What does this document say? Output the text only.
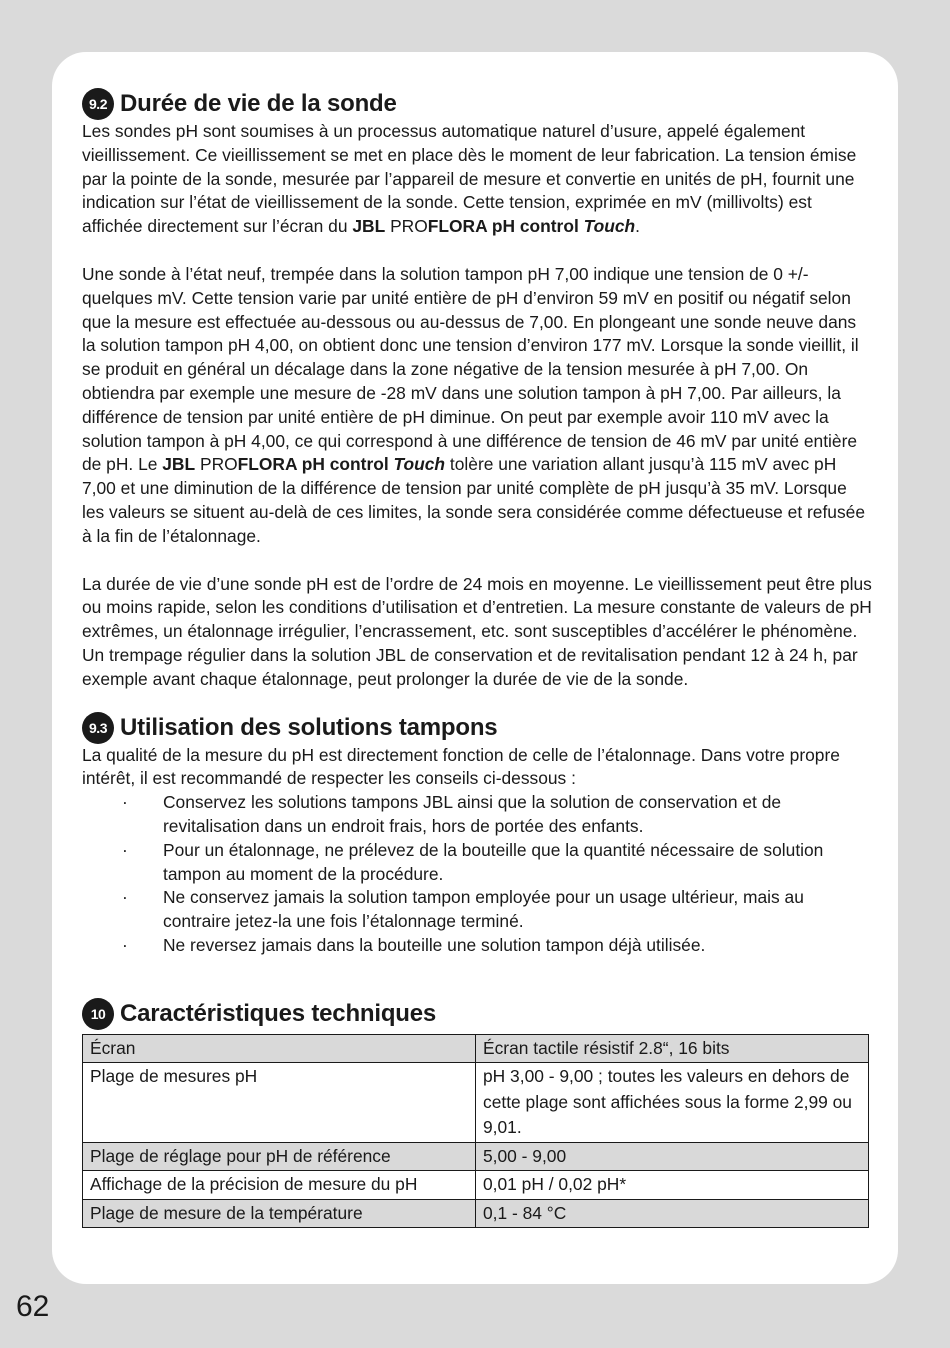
9.2 Durée de vie de la sonde

Les sondes pH sont soumises à un processus automatique naturel d’usure, appelé également vieillissement. Ce vieillissement se met en place dès le moment de leur fabrication. La tension émise par la pointe de la sonde, mesurée par l’appareil de mesure et convertie en unités de pH, fournit une indication sur l’état de vieillissement de la sonde. Cette tension, exprimée en mV (millivolts) est affichée directement sur l’écran du JBL PROFLORA pH control Touch.

Une sonde à l’état neuf, trempée dans la solution tampon pH 7,00 indique une tension de 0 +/- quelques mV. Cette tension varie par unité entière de pH d’environ 59 mV en positif ou négatif selon que la mesure est effectuée au-dessous ou au-dessus de 7,00. En plongeant une sonde neuve dans la solution tampon pH 4,00, on obtient donc une tension d’environ 177 mV. Lorsque la sonde vieillit, il se produit en général un décalage dans la zone négative de la tension mesurée à pH 7,00. On obtiendra par exemple une mesure de -28 mV dans une solution tampon à pH 7,00. Par ailleurs, la différence de tension par unité entière de pH diminue. On peut par exemple avoir 110 mV avec la solution tampon à pH 4,00, ce qui correspond à une différence de tension de 46 mV par unité entière de pH. Le JBL PROFLORA pH control Touch tolère une variation allant jusqu’à 115 mV avec pH 7,00 et une diminution de la différence de tension par unité complète de pH jusqu’à 35 mV. Lorsque les valeurs se situent au-delà de ces limites, la sonde sera considérée comme défectueuse et refusée à la fin de l’étalonnage.

La durée de vie d’une sonde pH est de l’ordre de 24 mois en moyenne. Le vieillissement peut être plus ou moins rapide, selon les conditions d’utilisation et d’entretien. La mesure constante de valeurs de pH extrêmes, un étalonnage irrégulier, l’encrassement, etc. sont susceptibles d’accélérer le phénomène. Un trempage régulier dans la solution JBL de conservation et de revitalisation pendant 12 à 24 h, par exemple avant chaque étalonnage, peut prolonger la durée de vie de la sonde.

9.3 Utilisation des solutions tampons

La qualité de la mesure du pH est directement fonction de celle de l’étalonnage. Dans votre propre intérêt, il est recommandé de respecter les conseils ci-dessous :

· Conservez les solutions tampons JBL ainsi que la solution de conservation et de revitalisation dans un endroit frais, hors de portée des enfants.
· Pour un étalonnage, ne prélevez de la bouteille que la quantité nécessaire de solution tampon au moment de la procédure.
· Ne conservez jamais la solution tampon employée pour un usage ultérieur, mais au contraire jetez-la une fois l’étalonnage terminé.
· Ne reversez jamais dans la bouteille une solution tampon déjà utilisée.
10 Caractéristiques techniques
Écran	Écran tactile résistif 2.8“, 16 bits
Plage de mesures pH	pH 3,00 - 9,00 ; toutes les valeurs en dehors de cette plage sont affichées sous la forme 2,99 ou 9,01.
Plage de réglage pour pH de référence	5,00 - 9,00
Affichage de la précision de mesure du pH	0,01 pH / 0,02 pH*
Plage de mesure de la température	0,1 - 84 °C
62
